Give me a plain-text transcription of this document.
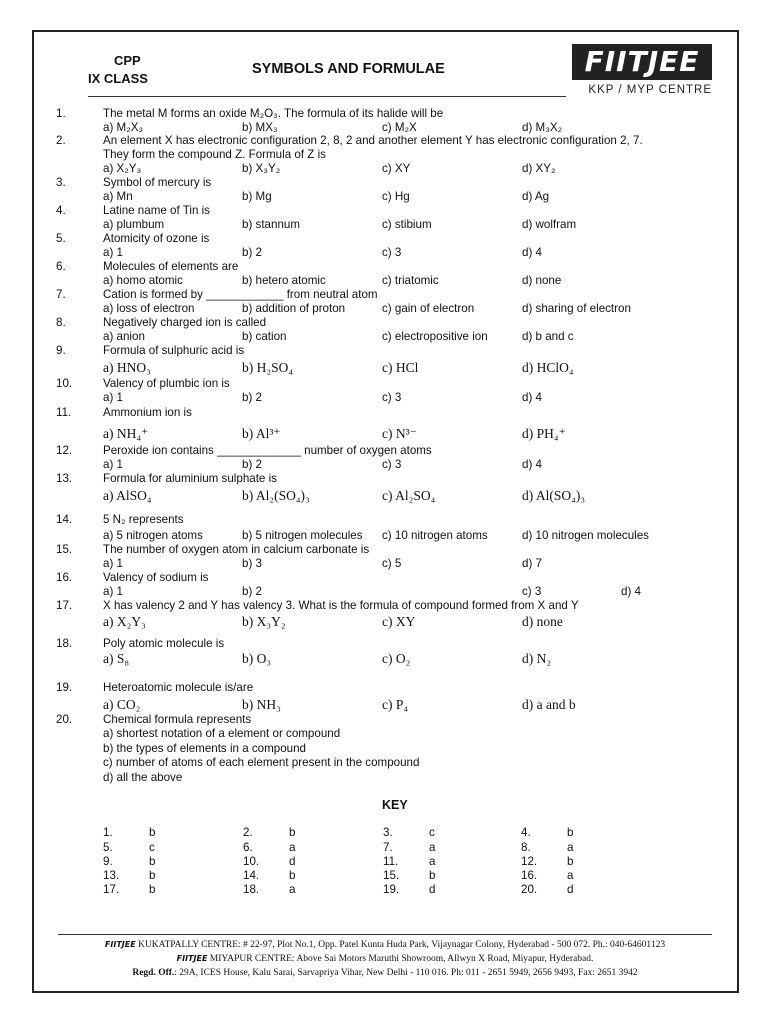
CPP
IX CLASS
SYMBOLS AND FORMULAE	FIITJEE
KKP / MYP CENTRE
1.	The metal M forms an oxide M₂O₃. The formula of its halide will be
a) M₂X₃	b) MX₃	c) M₂X	d) M₃X₂
2.	An element X has electronic configuration 2, 8, 2 and another element Y has electronic configuration 2, 7.
They form the compound Z. Formula of Z is
a) X₂Y₃	b) X₃Y₂	c) XY	d) XY₂
3.	Symbol of mercury is
a) Mn	b) Mg	c) Hg	d) Ag
4.	Latine name of Tin is
a) plumbum	b) stannum	c) stibium	d) wolfram
5.	Atomicity of ozone is
a) 1	b) 2	c) 3	d) 4
6.	Molecules of elements are
a) homo atomic	b) hetero atomic	c) triatomic	d) none
7.	Cation is formed by ____________ from neutral atom
a) loss of electron	b) addition of proton	c) gain of electron	d) sharing of electron
8.	Negatively charged ion is called
a) anion	b) cation	c) electropositive ion	d) b and c
9.	Formula of sulphuric acid is
a) HNO₃	b) H₂SO₄	c) HCl	d) HClO₄
10.	Valency of plumbic ion is
a) 1	b) 2	c) 3	d) 4
11.	Ammonium ion is
a) NH₄⁺	b) Al³⁺	c) N³⁻	d) PH₄⁺
12.	Peroxide ion contains _____________ number of oxygen atoms
a) 1	b) 2	c) 3	d) 4
13.	Formula for aluminium sulphate is
a) AlSO₄	b) Al₂(SO₄)₃	c) Al₂SO₄	d) Al(SO₄)₃
14.	5 N₂ represents
a) 5 nitrogen atoms	b) 5 nitrogen molecules c) 10 nitrogen atoms	d) 10 nitrogen molecules
15.	The number of oxygen atom in calcium carbonate is
a) 1	b) 3	c) 5	d) 7
16.	Valency of sodium is
a) 1	b) 2	c) 3	d) 4
17.	X has valency 2 and Y has valency 3. What is the formula of compound formed from X and Y
a) X₂Y₃	b) X₃Y₂	c) XY	d) none
18.	Poly atomic molecule is
a) S₈	b) O₃	c) O₂	d) N₂
19.	Heteroatomic molecule is/are
a) CO₂	b) NH₃	c) P₄	d) a and b
20.	Chemical formula represents
a) shortest notation of a element or compound
b) the types of elements in a compound
c) number of atoms of each element present in the compound
d) all the above
KEY
1.	b	2.	b	3.	c	4.	b
5.	c	6.	a	7.	a	8.	a
9.	b	10.	d	11.	a	12.	b
13.	b	14.	b	15.	b	16.	a
17.	b	18.	a	19.	d	20.	d
FIITJEE KUKATPALLY CENTRE: # 22-97, Plot No.1, Opp. Patel Kunta Huda Park, Vijaynagar Colony, Hyderabad - 500 072. Ph.: 040-64601123
FIITJEE MIYAPUR CENTRE: Above Sai Motors Maruthi Showroom, Allwyn X Road, Miyapur, Hyderabad.
Regd. Off.: 29A, ICES House, Kalu Sarai, Sarvapriya Vihar, New Delhi - 110 016. Ph: 011 - 2651 5949, 2656 9493, Fax: 2651 3942
